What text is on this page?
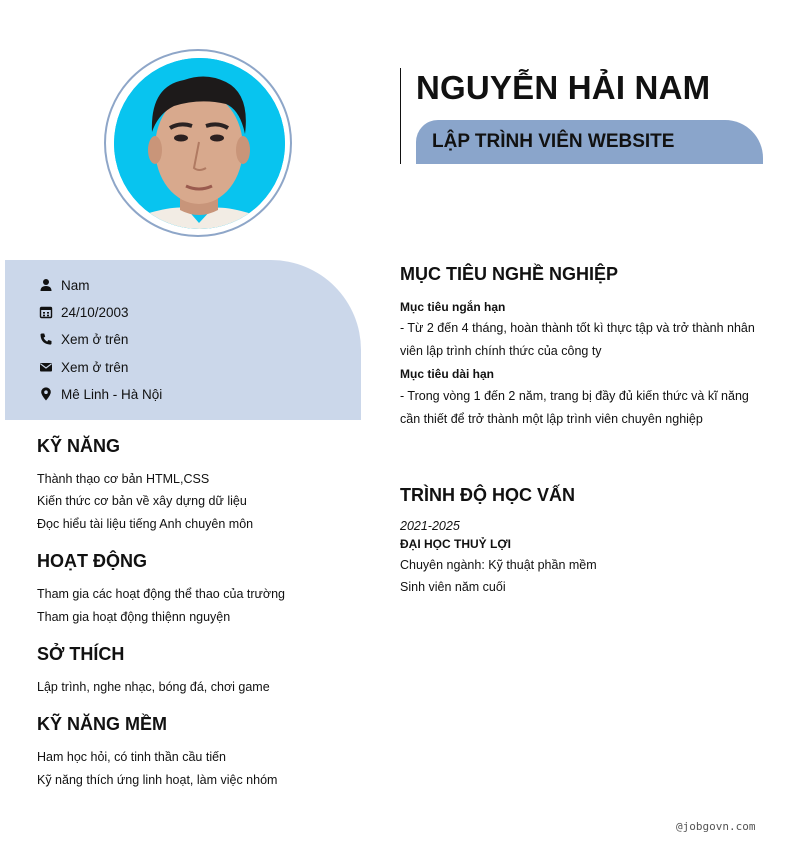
NGUYỄN HẢI NAM
LẬP TRÌNH VIÊN WEBSITE
Nam
24/10/2003
Xem ở trên
Xem ở trên
Mê Linh - Hà Nội
KỸ NĂNG
Thành thạo cơ bản HTML,CSS
Kiến thức cơ bản về xây dựng dữ liệu
Đọc hiểu tài liệu tiếng Anh chuyên môn
HOẠT ĐỘNG
Tham gia các hoạt động thể thao của trường
Tham gia hoạt động thiệnn nguyện
SỞ THÍCH
Lập trình, nghe nhạc, bóng đá, chơi game
KỸ NĂNG MỀM
Ham học hỏi, có tinh thần cầu tiến
Kỹ năng thích ứng linh hoạt, làm việc nhóm
MỤC TIÊU NGHỀ NGHIỆP
Mục tiêu ngắn hạn
- Từ 2 đến 4 tháng, hoàn thành tốt kì thực tập và trở thành nhân viên lập trình chính thức của công ty
Mục tiêu dài hạn
- Trong vòng 1 đến 2 năm, trang bị đầy đủ kiến thức và kĩ năng cần thiết để trở thành một lập trình viên chuyên nghiệp
TRÌNH ĐỘ HỌC VẤN
2021-2025
ĐẠI HỌC THUỶ LỢI
Chuyên ngành: Kỹ thuật phần mềm
Sinh viên năm cuối
@jobgovn.com
